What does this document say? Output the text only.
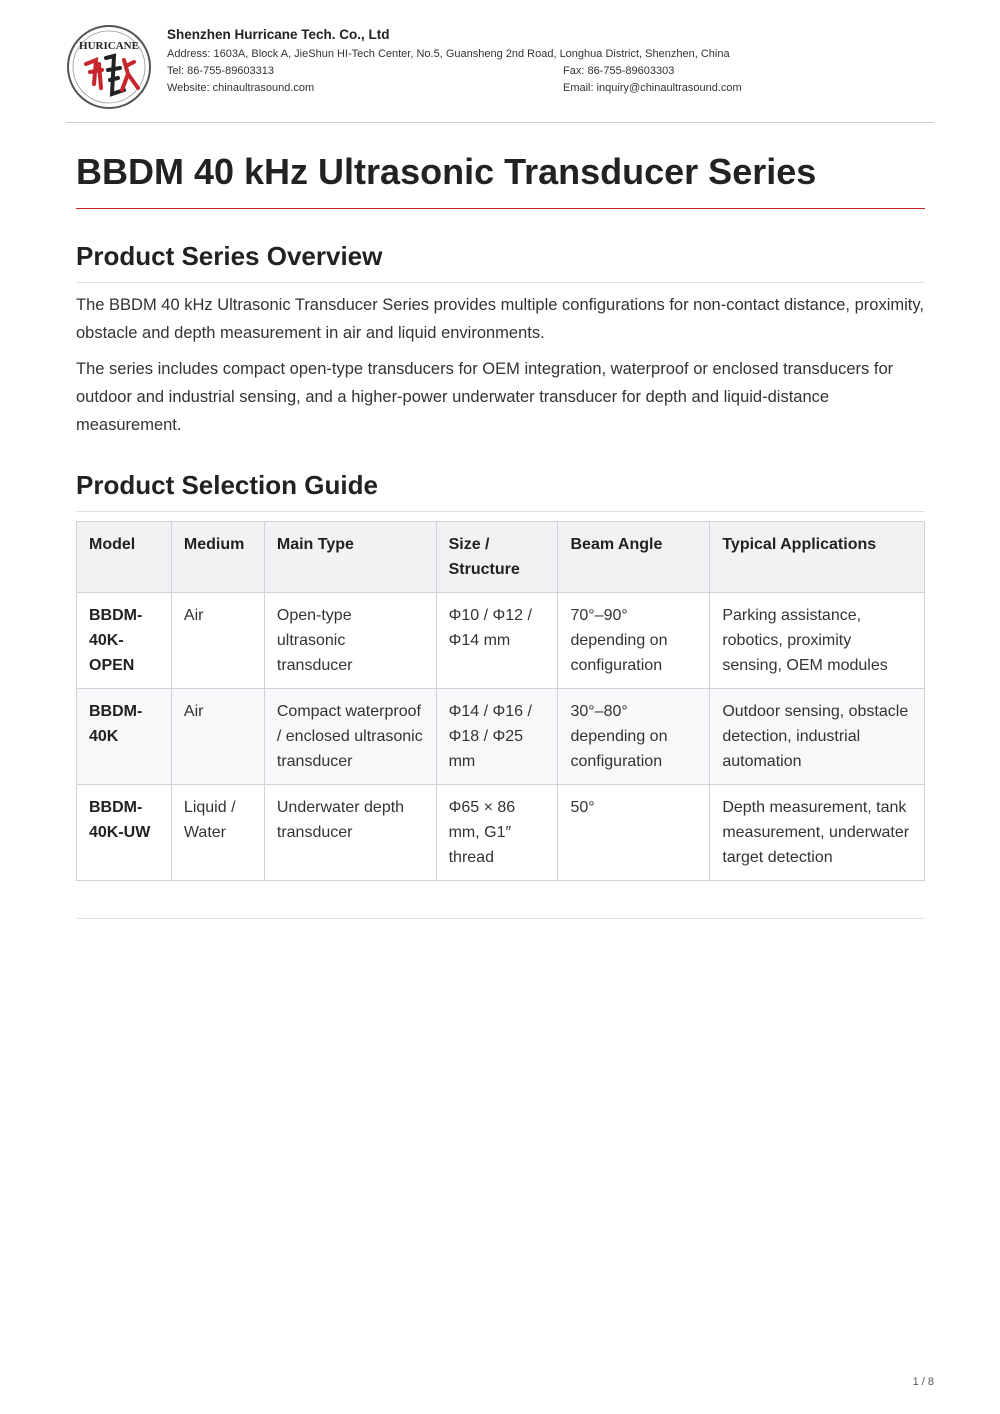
HURICANE
Shenzhen Hurricane Tech. Co., Ltd
Address: 1603A, Block A, JieShun HI-Tech Center, No.5, Guansheng 2nd Road, Longhua District, Shenzhen, China
Tel: 86-755-89603313	Fax: 86-755-89603303
Website: chinaultrasound.com	Email: inquiry@chinaultrasound.com
BBDM 40 kHz Ultrasonic Transducer Series
Product Series Overview

The BBDM 40 kHz Ultrasonic Transducer Series provides multiple configurations for non-contact distance, proximity, obstacle and depth measurement in air and liquid environments.

The series includes compact open-type transducers for OEM integration, waterproof or enclosed transducers for outdoor and industrial sensing, and a higher-power underwater transducer for depth and liquid-distance measurement.

Product Selection Guide
Model	Medium	Main Type	Size / Structure	Beam Angle	Typical Applications
BBDM-40K-OPEN	Air	Open-type ultrasonic transducer	Φ10 / Φ12 / Φ14 mm	70°–90° depending on configuration	Parking assistance, robotics, proximity sensing, OEM modules
BBDM-40K	Air	Compact waterproof / enclosed ultrasonic transducer	Φ14 / Φ16 / Φ18 / Φ25 mm	30°–80° depending on configuration	Outdoor sensing, obstacle detection, industrial automation
BBDM-40K-UW	Liquid / Water	Underwater depth transducer	Φ65 × 86 mm, G1″ thread	50°	Depth measurement, tank measurement, underwater target detection
1 / 8
